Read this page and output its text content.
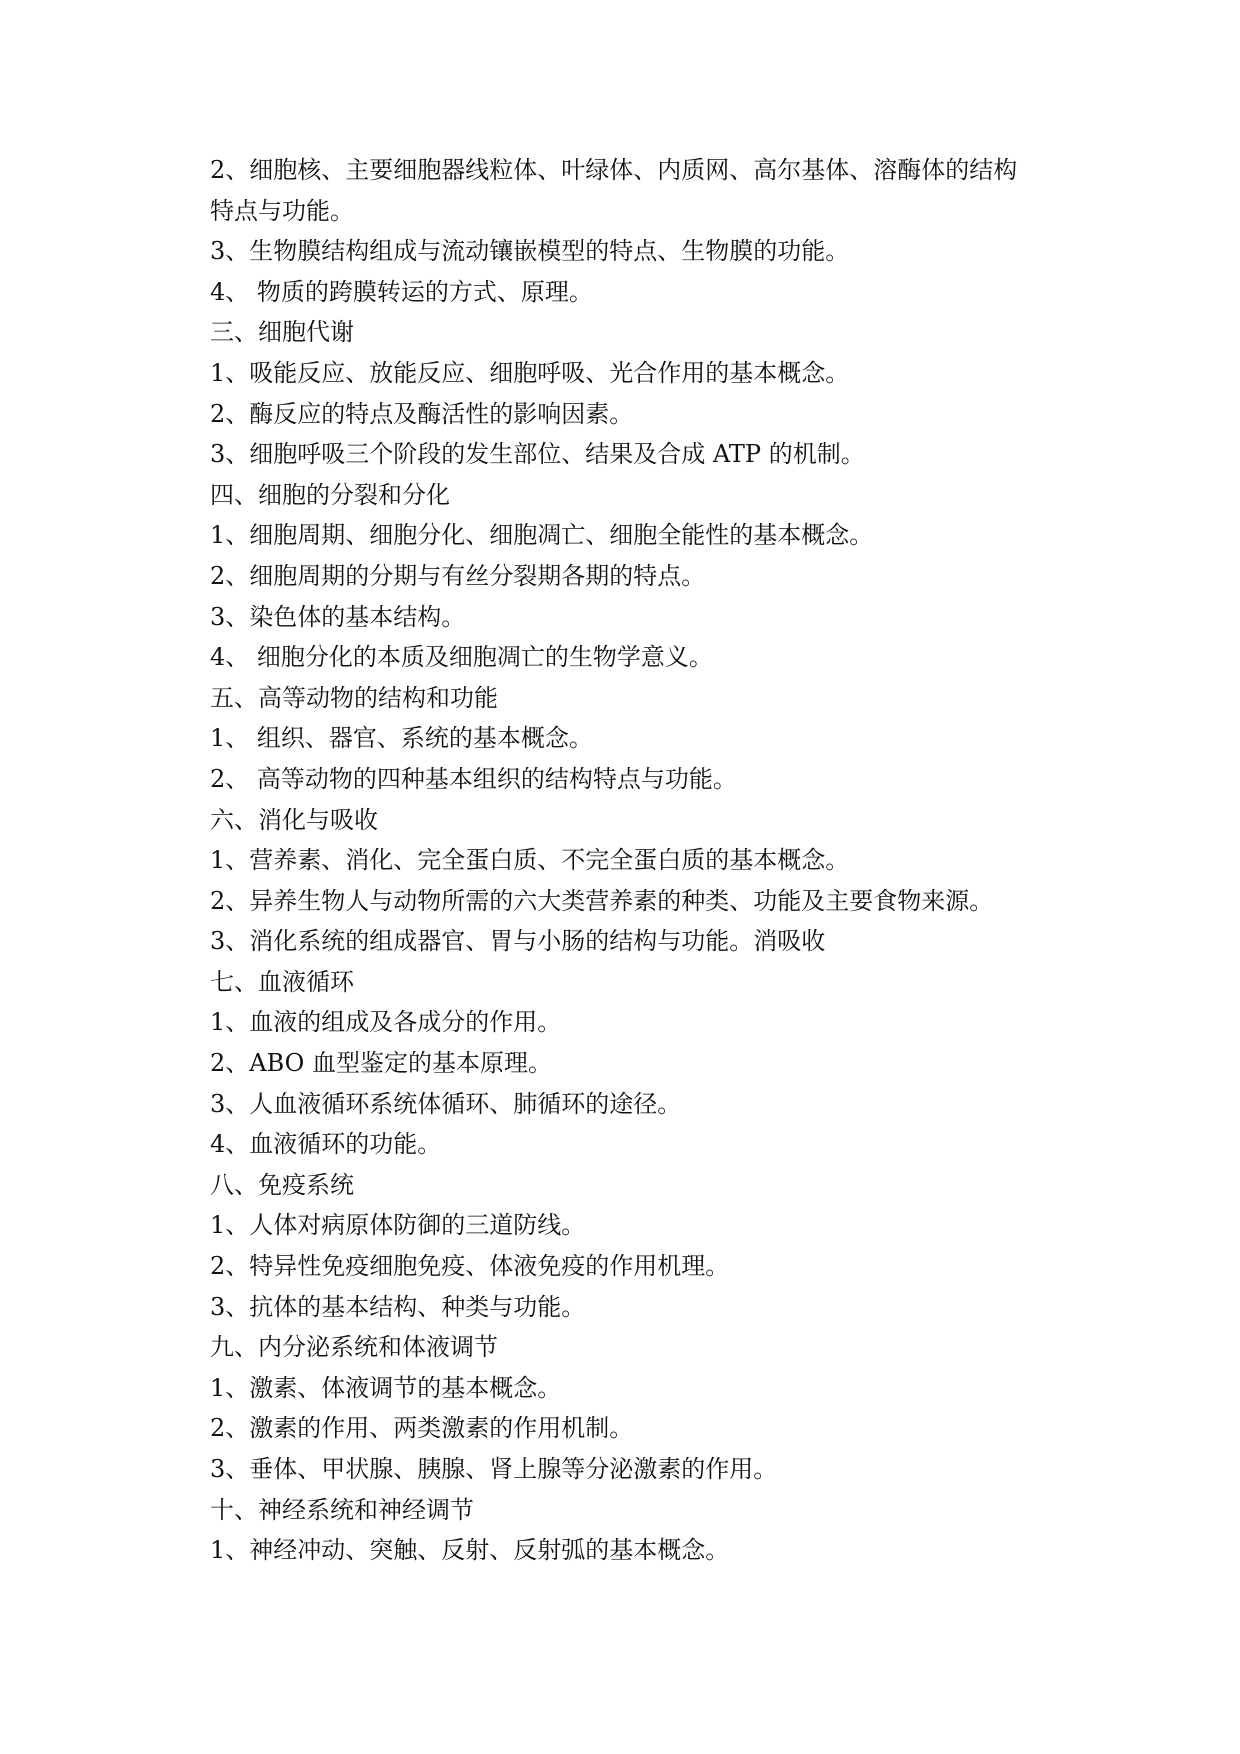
2、细胞核、主要细胞器线粒体、叶绿体、内质网、高尔基体、溶酶体的结构

特点与功能。

3、生物膜结构组成与流动镶嵌模型的特点、生物膜的功能。

4、 物质的跨膜转运的方式、原理。

三、细胞代谢

1、吸能反应、放能反应、细胞呼吸、光合作用的基本概念。

2、酶反应的特点及酶活性的影响因素。

3、细胞呼吸三个阶段的发生部位、结果及合成 ATP 的机制。

四、细胞的分裂和分化

1、细胞周期、细胞分化、细胞凋亡、细胞全能性的基本概念。

2、细胞周期的分期与有丝分裂期各期的特点。

3、染色体的基本结构。

4、 细胞分化的本质及细胞凋亡的生物学意义。

五、高等动物的结构和功能

1、 组织、器官、系统的基本概念。

2、 高等动物的四种基本组织的结构特点与功能。

六、消化与吸收

1、营养素、消化、完全蛋白质、不完全蛋白质的基本概念。

2、异养生物人与动物所需的六大类营养素的种类、功能及主要食物来源。

3、消化系统的组成器官、胃与小肠的结构与功能。消吸收

七、血液循环

1、血液的组成及各成分的作用。

2、ABO 血型鉴定的基本原理。

3、人血液循环系统体循环、肺循环的途径。

4、血液循环的功能。

八、免疫系统

1、人体对病原体防御的三道防线。

2、特异性免疫细胞免疫、体液免疫的作用机理。

3、抗体的基本结构、种类与功能。

九、内分泌系统和体液调节

1、激素、体液调节的基本概念。

2、激素的作用、两类激素的作用机制。

3、垂体、甲状腺、胰腺、肾上腺等分泌激素的作用。

十、神经系统和神经调节

1、神经冲动、突触、反射、反射弧的基本概念。
